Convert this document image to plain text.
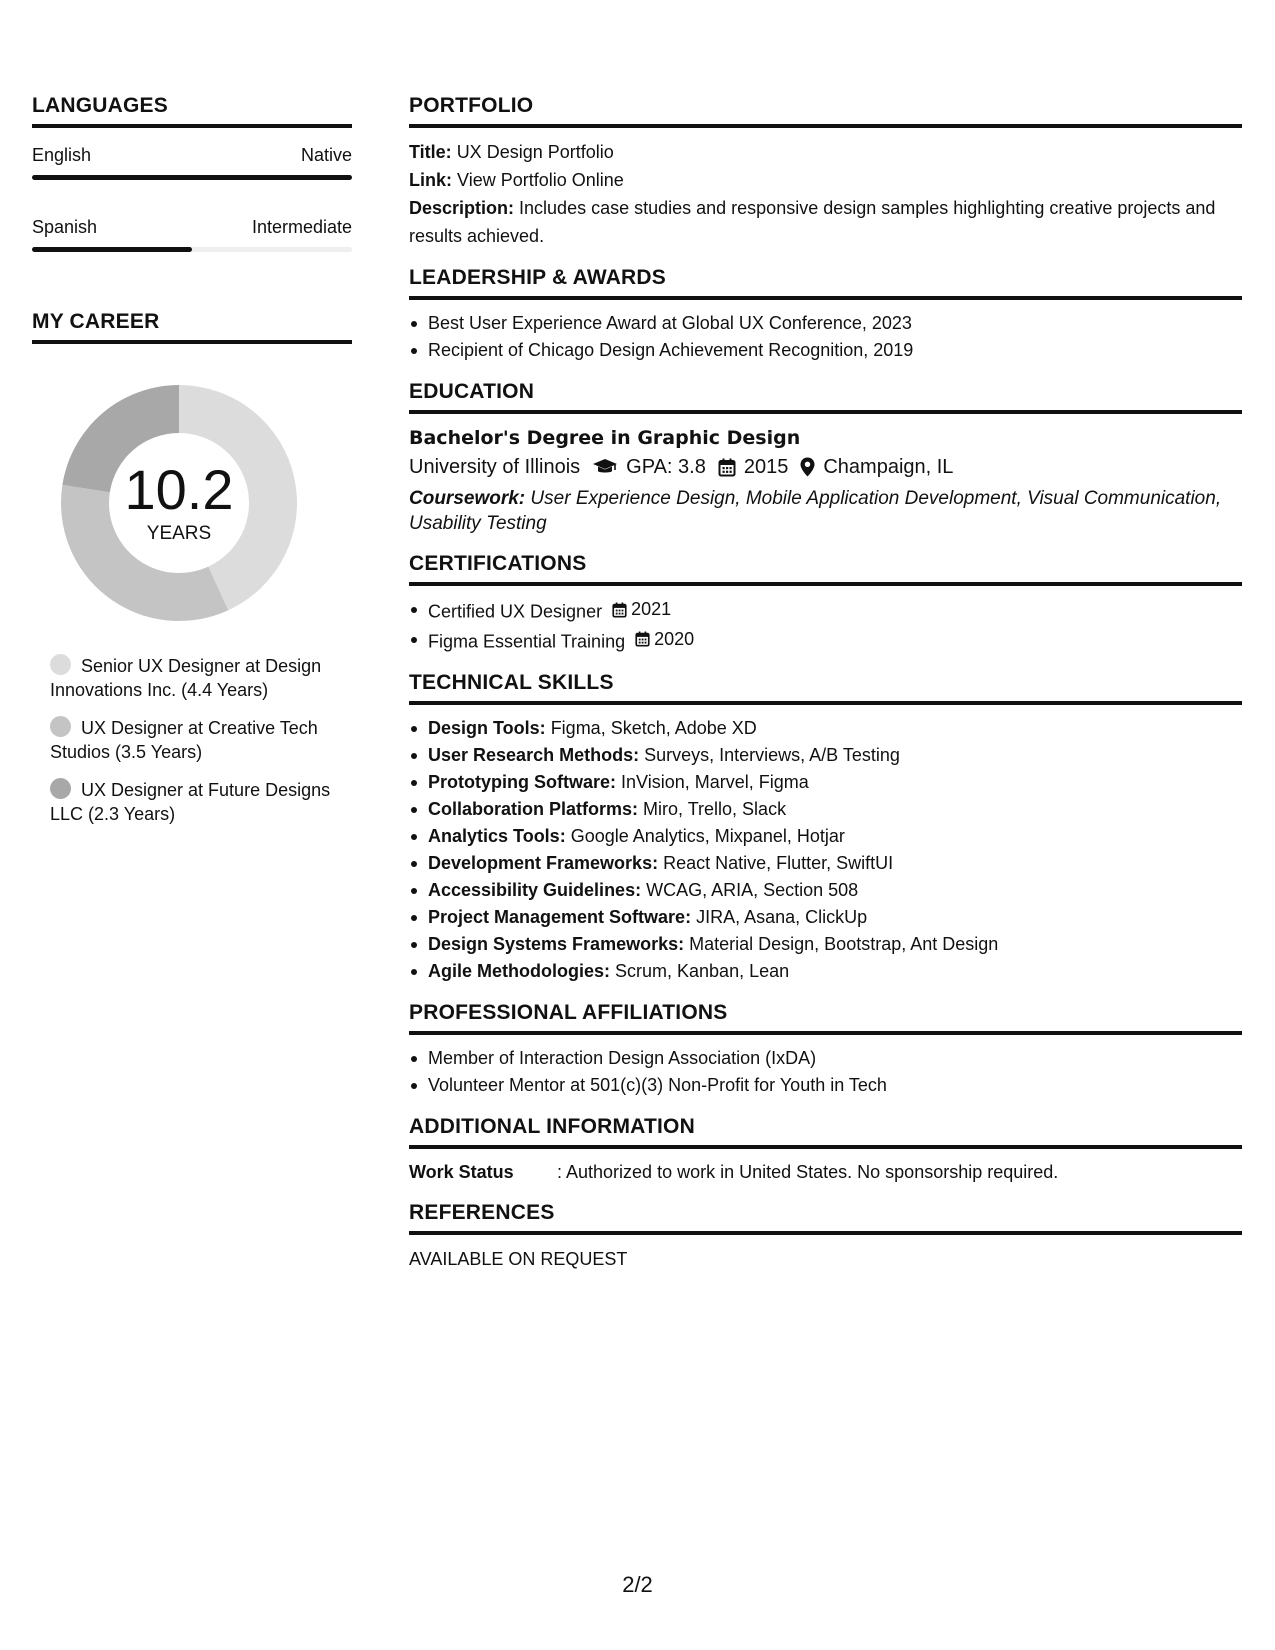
LANGUAGES
English	Native
Spanish	Intermediate
MY CAREER
10.2
YEARS
Senior UX Designer at Design Innovations Inc. (4.4 Years)
UX Designer at Creative Tech Studios (3.5 Years)
UX Designer at Future Designs LLC (2.3 Years)
PORTFOLIO
Title: UX Design Portfolio
Link: View Portfolio Online
Description: Includes case studies and responsive design samples highlighting creative projects and results achieved.
LEADERSHIP & AWARDS
Best User Experience Award at Global UX Conference, 2023
Recipient of Chicago Design Achievement Recognition, 2019
EDUCATION
Bachelor's Degree in Graphic Design
University of Illinois GPA: 3.8 2015 Champaign, IL
Coursework: User Experience Design, Mobile Application Development, Visual Communication, Usability Testing
CERTIFICATIONS
Certified UX Designer 2021
Figma Essential Training 2020
TECHNICAL SKILLS
Design Tools: Figma, Sketch, Adobe XD
User Research Methods: Surveys, Interviews, A/B Testing
Prototyping Software: InVision, Marvel, Figma
Collaboration Platforms: Miro, Trello, Slack
Analytics Tools: Google Analytics, Mixpanel, Hotjar
Development Frameworks: React Native, Flutter, SwiftUI
Accessibility Guidelines: WCAG, ARIA, Section 508
Project Management Software: JIRA, Asana, ClickUp
Design Systems Frameworks: Material Design, Bootstrap, Ant Design
Agile Methodologies: Scrum, Kanban, Lean
PROFESSIONAL AFFILIATIONS
Member of Interaction Design Association (IxDA)
Volunteer Mentor at 501(c)(3) Non-Profit for Youth in Tech
ADDITIONAL INFORMATION
Work Status	: Authorized to work in United States. No sponsorship required.
REFERENCES
AVAILABLE ON REQUEST
2/2
